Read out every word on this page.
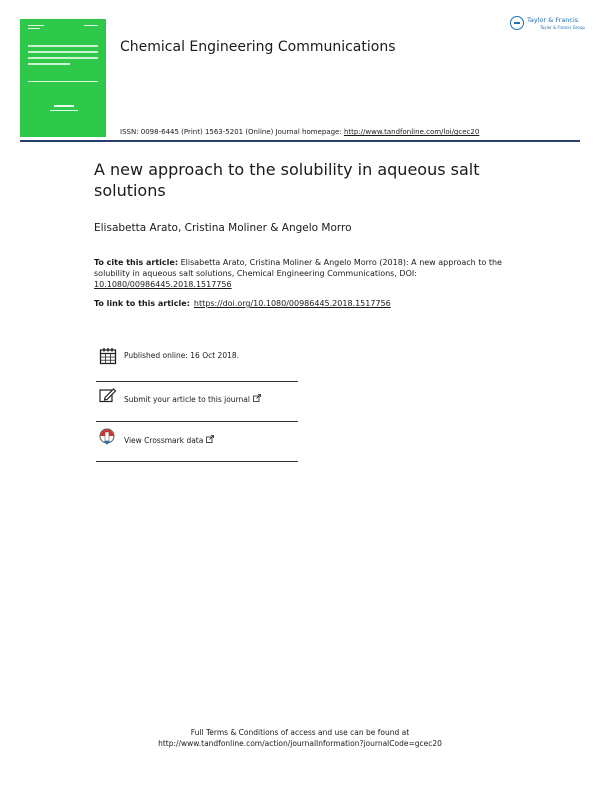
Chemical Engineering Communications
Taylor & Francis
Taylor & Francis Group
ISSN: 0098-6445 (Print) 1563-5201 (Online) Journal homepage: http://www.tandfonline.com/loi/gcec20
A new approach to the solubility in aqueous salt solutions
Elisabetta Arato, Cristina Moliner & Angelo Morro
To cite this article: Elisabetta Arato, Cristina Moliner & Angelo Morro (2018): A new approach to the solubility in aqueous salt solutions, Chemical Engineering Communications, DOI: 10.1080/00986445.2018.1517756
To link to this article: https://doi.org/10.1080/00986445.2018.1517756
Published online: 16 Oct 2018.
Submit your article to this journal
View Crossmark data
Full Terms & Conditions of access and use can be found at
http://www.tandfonline.com/action/journalInformation?journalCode=gcec20
